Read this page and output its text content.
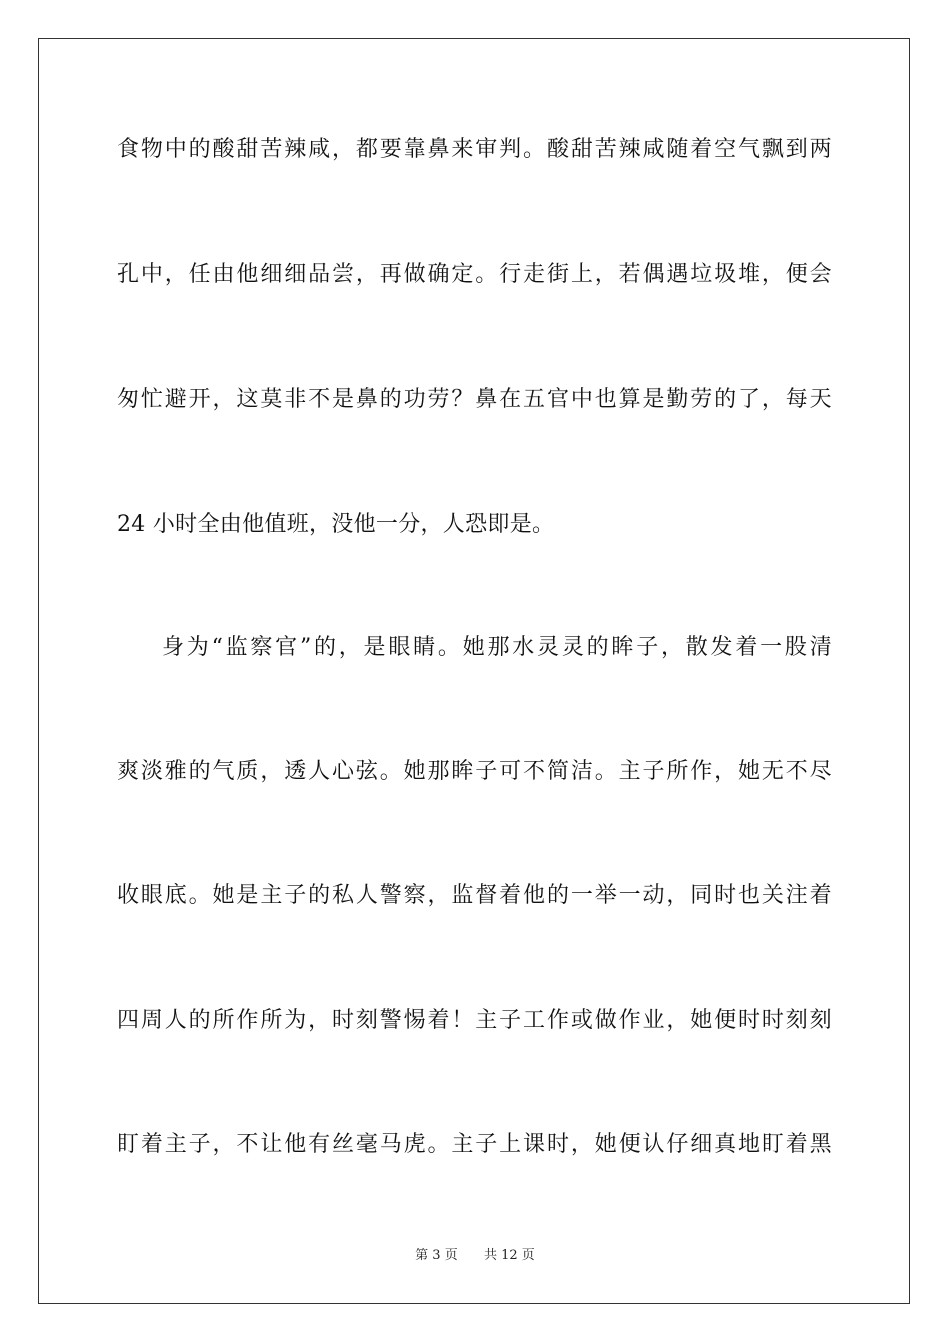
食物中的酸甜苦辣咸，都要靠鼻来审判。酸甜苦辣咸随着空气飘到两
孔中，任由他细细品尝，再做确定。行走街上，若偶遇垃圾堆，便会
匆忙避开，这莫非不是鼻的功劳？鼻在五官中也算是勤劳的了，每天
24 小时全由他值班，没他一分，人恐即是。
身为“监察官”的，是眼睛。她那水灵灵的眸子，散发着一股清
爽淡雅的气质，透人心弦。她那眸子可不简洁。主子所作，她无不尽
收眼底。她是主子的私人警察，监督着他的一举一动，同时也关注着
四周人的所作所为，时刻警惕着！主子工作或做作业，她便时时刻刻
盯着主子，不让他有丝毫马虎。主子上课时，她便认仔细真地盯着黑
第 3 页 共 12 页
